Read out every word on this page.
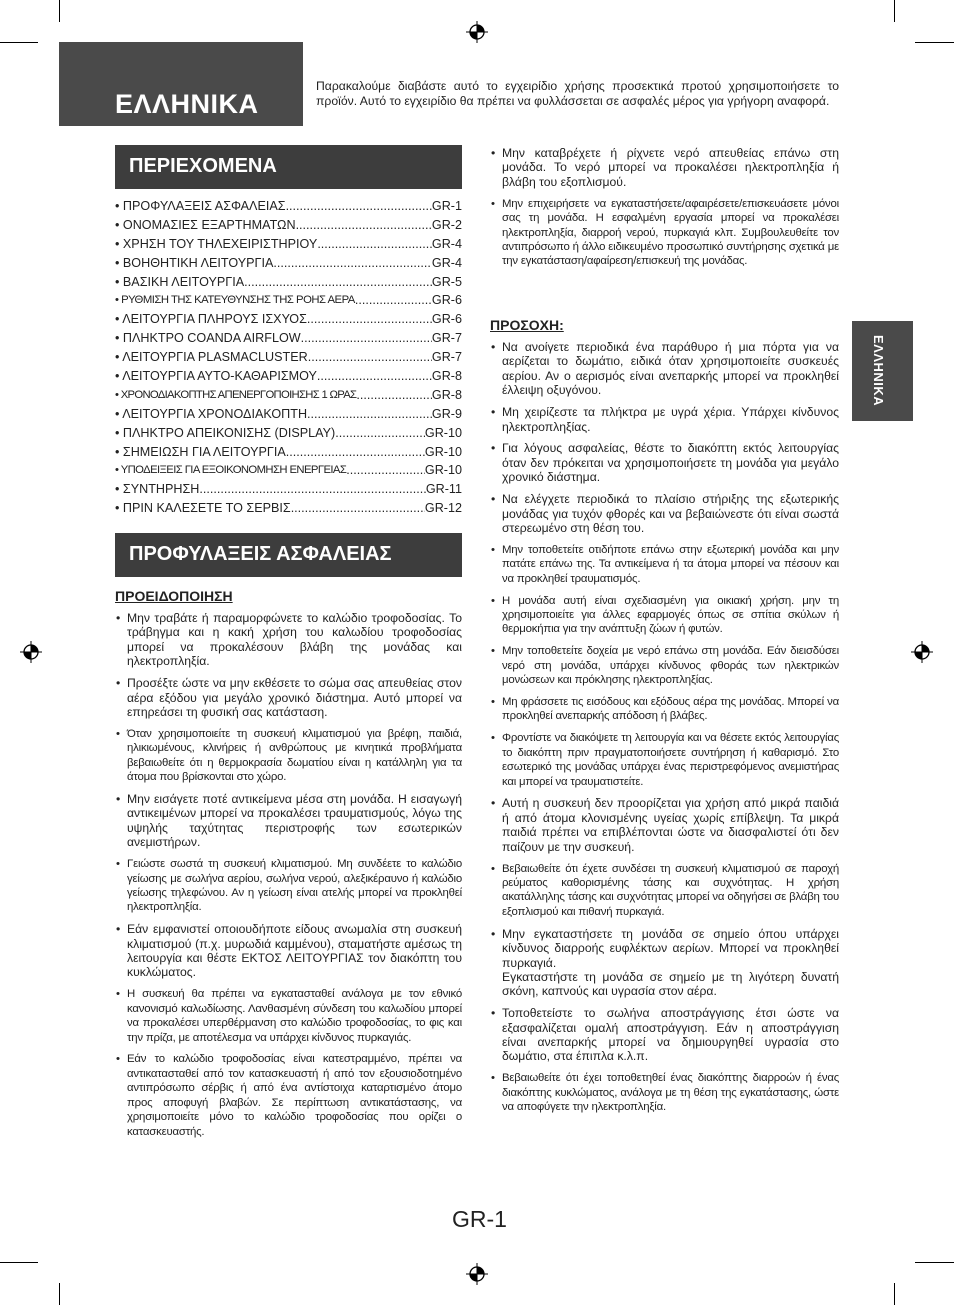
ΕΛΛΗΝΙΚΑ
Παρακαλούμε διαβάστε αυτό το εγχειρίδιο χρήσης προσεκτικά προτού χρησιμοποιήσετε το προϊόν. Αυτό το εγχειρίδιο θα πρέπει να φυλλάσσεται σε ασφαλές μέρος για γρήγορη αναφορά.
ΕΛΛΗΝΙΚΑ
ΠΕΡΙΕΧΟΜΕΝΑ
• ΠΡΟΦΥΛΑΞΕΙΣ ΑΣΦΑΛΕΙΑΣ .....	GR-1
• ΟΝΟΜΑΣΙΕΣ ΕΞΑΡΤΗΜΑΤΩΝ .....	GR-2
• ΧΡΗΣΗ ΤΟΥ ΤΗΛΕΧΕΙΡΙΣΤΗΡΙΟΥ .....	GR-4
• ΒΟΗΘΗΤΙΚΗ ΛΕΙΤΟΥΡΓΙΑ .....	GR-4
• ΒΑΣΙΚΗ ΛΕΙΤΟΥΡΓΙΑ .....	GR-5
• ΡΥΘΜΙΣΗ ΤΗΣ ΚΑΤΕΥΘΥΝΣΗΣ ΤΗΣ ΡΟΗΣ ΑΕΡΑ .....	GR-6
• ΛΕΙΤΟΥΡΓΙΑ ΠΛΗΡΟΥΣ ΙΣΧΥΟΣ .....	GR-6
• ΠΛΗΚΤΡΟ COANDA AIRFLOW .....	GR-7
• ΛΕΙΤΟΥΡΓΙΑ PLASMACLUSTER .....	GR-7
• ΛΕΙΤΟΥΡΓΙΑ ΑΥΤΟ-ΚΑΘΑΡΙΣΜΟΥ .....	GR-8
• ΧΡΟΝΟΔΙΑΚΟΠΤΗΣ ΑΠΕΝΕΡΓΟΠΟΙΗΣΗΣ 1 ΩΡΑΣ .....	GR-8
• ΛΕΙΤΟΥΡΓΙΑ ΧΡΟΝΟΔΙΑΚΟΠΤΗ .....	GR-9
• ΠΛΗΚΤΡΟ ΑΠΕΙΚΟΝΙΣΗΣ (DISPLAY) .....	GR-10
• ΣΗΜΕΙΩΣΗ ΓΙΑ ΛΕΙΤΟΥΡΓΙΑ .....	GR-10
• ΥΠΟΔΕΙΞΕΙΣ ΓΙΑ ΕΞΟΙΚΟΝΟΜΗΣΗ ΕΝΕΡΓΕΙΑΣ .....	GR-10
• ΣΥΝΤΗΡΗΣΗ .....	GR-11
• ΠΡΙΝ ΚΑΛΕΣΕΤΕ ΤΟ ΣΕΡΒΙΣ .....	GR-12
ΠΡΟΦΥΛΑΞΕΙΣ ΑΣΦΑΛΕΙΑΣ
ΠΡΟΕΙΔΟΠΟΙΗΣΗ
• Μην τραβάτε ή παραμορφώνετε το καλώδιο τροφοδοσίας. Το τράβηγμα και η κακή χρήση του καλωδίου τροφοδοσίας μπορεί να προκαλέσουν βλάβη της μονάδας και ηλεκτροπληξία.
• Προσέξτε ώστε να μην εκθέσετε το σώμα σας απευθείας στον αέρα εξόδου για μεγάλο χρονικό διάστημα. Αυτό μπορεί να επηρεάσει τη φυσική σας κατάσταση.
• Όταν χρησιμοποιείτε τη συσκευή κλιματισμού για βρέφη, παιδιά, ηλικιωμένους, κλινήρεις ή ανθρώπους με κινητικά προβλήματα βεβαιωθείτε ότι η θερμοκρασία δωματίου είναι η κατάλληλη για τα άτομα που βρίσκονται στο χώρο.
• Μην εισάγετε ποτέ αντικείμενα μέσα στη μονάδα. Η εισαγωγή αντικειμένων μπορεί να προκαλέσει τραυματισμούς, λόγω της υψηλής ταχύτητας περιστροφής των εσωτερικών ανεμιστήρων.
• Γειώστε σωστά τη συσκευή κλιματισμού. Μη συνδέετε το καλώδιο γείωσης με σωλήνα αερίου, σωλήνα νερού, αλεξικέραυνο ή καλώδιο γείωσης τηλεφώνου. Αν η γείωση είναι ατελής μπορεί να προκληθεί ηλεκτροπληξία.
• Εάν εμφανιστεί οποιουδήποτε είδους ανωμαλία στη συσκευή κλιματισμού (π.χ. μυρωδιά καμμένου), σταματήστε αμέσως τη λειτουργία και θέστε ΕΚΤΟΣ ΛΕΙΤΟΥΡΓΙΑΣ τον διακόπτη του κυκλώματος.
• Η συσκευή θα πρέπει να εγκατασταθεί ανάλογα με τον εθνικό κανονισμό καλωδίωσης. Λανθασμένη σύνδεση του καλωδίου μπορεί να προκαλέσει υπερθέρμανση στο καλώδιο τροφοδοσίας, το φις και την πρίζα, με αποτέλεσμα να υπάρχει κίνδυνος πυρκαγιάς.
• Εάν το καλώδιο τροφοδοσίας είναι κατεστραμμένο, πρέπει να αντικατασταθεί από τον κατασκευαστή ή από τον εξουσιοδοτημένο αντιπρόσωπο σέρβις ή από ένα αντίστοιχα καταρτισμένο άτομο προς αποφυγή βλαβών. Σε περίπτωση αντικατάστασης, να χρησιμοποιείτε μόνο το καλώδιο τροφοδοσίας που ορίζει ο κατασκευαστής.
• Μην καταβρέχετε ή ρίχνετε νερό απευθείας επάνω στη μονάδα. Το νερό μπορεί να προκαλέσει ηλεκτροπληξία ή βλάβη του εξοπλισμού.
• Μην επιχειρήσετε να εγκαταστήσετε/αφαιρέσετε/επισκευάσετε μόνοι σας τη μονάδα. Η εσφαλμένη εργασία μπορεί να προκαλέσει ηλεκτροπληξία, διαρροή νερού, πυρκαγιά κλπ. Συμβουλευθείτε τον αντιπρόσωπο ή άλλο ειδικευμένο προσωπικό συντήρησης σχετικά με την εγκατάσταση/αφαίρεση/επισκευή της μονάδας.
ΠΡΟΣΟΧΗ:
• Να ανοίγετε περιοδικά ένα παράθυρο ή μια πόρτα για να αερίζεται το δωμάτιο, ειδικά όταν χρησιμοποιείτε συσκευές αερίου. Αν ο αερισμός είναι ανεπαρκής μπορεί να προκληθεί έλλειψη οξυγόνου.
• Μη χειρίζεστε τα πλήκτρα με υγρά χέρια. Υπάρχει κίνδυνος ηλεκτροπληξίας.
• Για λόγους ασφαλείας, θέστε το διακόπτη εκτός λειτουργίας όταν δεν πρόκειται να χρησιμοποιήσετε τη μονάδα για μεγάλο χρονικό διάστημα.
• Να ελέγχετε περιοδικά το πλαίσιο στήριξης της εξωτερικής μονάδας για τυχόν φθορές και να βεβαιώνεστε ότι είναι σωστά στερεωμένο στη θέση του.
• Μην τοποθετείτε οτιδήποτε επάνω στην εξωτερική μονάδα και μην πατάτε επάνω της. Τα αντικείμενα ή τα άτομα μπορεί να πέσουν και να προκληθεί τραυματισμός.
• Η μονάδα αυτή είναι σχεδιασμένη για οικιακή χρήση. μην τη χρησιμοποιείτε για άλλες εφαρμογές όπως σε σπίτια σκύλων ή θερμοκήπια για την ανάπτυξη ζώων ή φυτών.
• Μην τοποθετείτε δοχεία με νερό επάνω στη μονάδα. Εάν διεισδύσει νερό στη μονάδα, υπάρχει κίνδυνος φθοράς των ηλεκτρικών μονώσεων και πρόκλησης ηλεκτροπληξίας.
• Μη φράσσετε τις εισόδους και εξόδους αέρα της μονάδας. Μπορεί να προκληθεί ανεπαρκής απόδοση ή βλάβες.
• Φροντίστε να διακόψετε τη λειτουργία και να θέσετε εκτός λειτουργίας το διακόπτη πριν πραγματοποιήσετε συντήρηση ή καθαρισμό. Στο εσωτερικό της μονάδας υπάρχει ένας περιστρεφόμενος ανεμιστήρας και μπορεί να τραυματιστείτε.
• Αυτή η συσκευή δεν προορίζεται για χρήση από μικρά παιδιά ή από άτομα κλονισμένης υγείας χωρίς επίβλεψη. Τα μικρά παιδιά πρέπει να επιβλέπονται ώστε να διασφαλιστεί ότι δεν παίζουν με την συσκευή.
• Βεβαιωθείτε ότι έχετε συνδέσει τη συσκευή κλιματισμού σε παροχή ρεύματος καθορισμένης τάσης και συχνότητας. Η χρήση ακατάλληλης τάσης και συχνότητας μπορεί να οδηγήσει σε βλάβη του εξοπλισμού και πιθανή πυρκαγιά.
• Μην εγκαταστήσετε τη μονάδα σε σημείο όπου υπάρχει κίνδυνος διαρροής ευφλέκτων αερίων. Μπορεί να προκληθεί πυρκαγιά.
Εγκαταστήστε τη μονάδα σε σημείο με τη λιγότερη δυνατή σκόνη, καπνούς και υγρασία στον αέρα.
• Τοποθετείστε το σωλήνα αποστράγγισης έτσι ώστε να εξασφαλίζεται ομαλή αποστράγγιση. Εάν η αποστράγγιση είναι ανεπαρκής μπορεί να δημιουργηθεί υγρασία στο δωμάτιο, στα έπιπλα κ.λ.π.
• Βεβαιωθείτε ότι έχει τοποθετηθεί ένας διακόπτης διαρροών ή ένας διακόπτης κυκλώματος, ανάλογα με τη θέση της εγκατάστασης, ώστε να αποφύγετε την ηλεκτροπληξία.
GR-1
